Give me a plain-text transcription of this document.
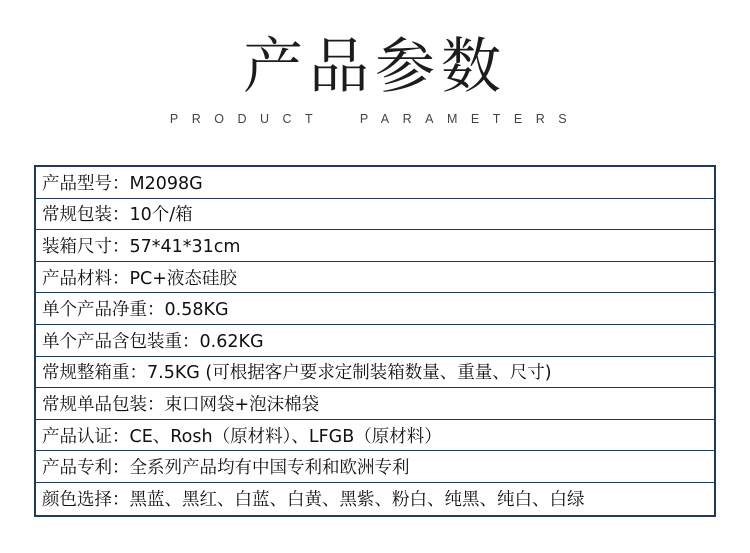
产品参数
PRODUCT  PARAMETERS
产品型号：M2098G
常规包装：10个/箱
装箱尺寸：57*41*31cm
产品材料：PC+液态硅胶
单个产品净重：0.58KG
单个产品含包装重：0.62KG
常规整箱重：7.5KG (可根据客户要求定制装箱数量、重量、尺寸)
常规单品包装：束口网袋+泡沫棉袋
产品认证：CE、Rosh（原材料）、LFGB（原材料）
产品专利：全系列产品均有中国专利和欧洲专利
颜色选择：黑蓝、黑红、白蓝、白黄、黑紫、粉白、纯黑、纯白、白绿
